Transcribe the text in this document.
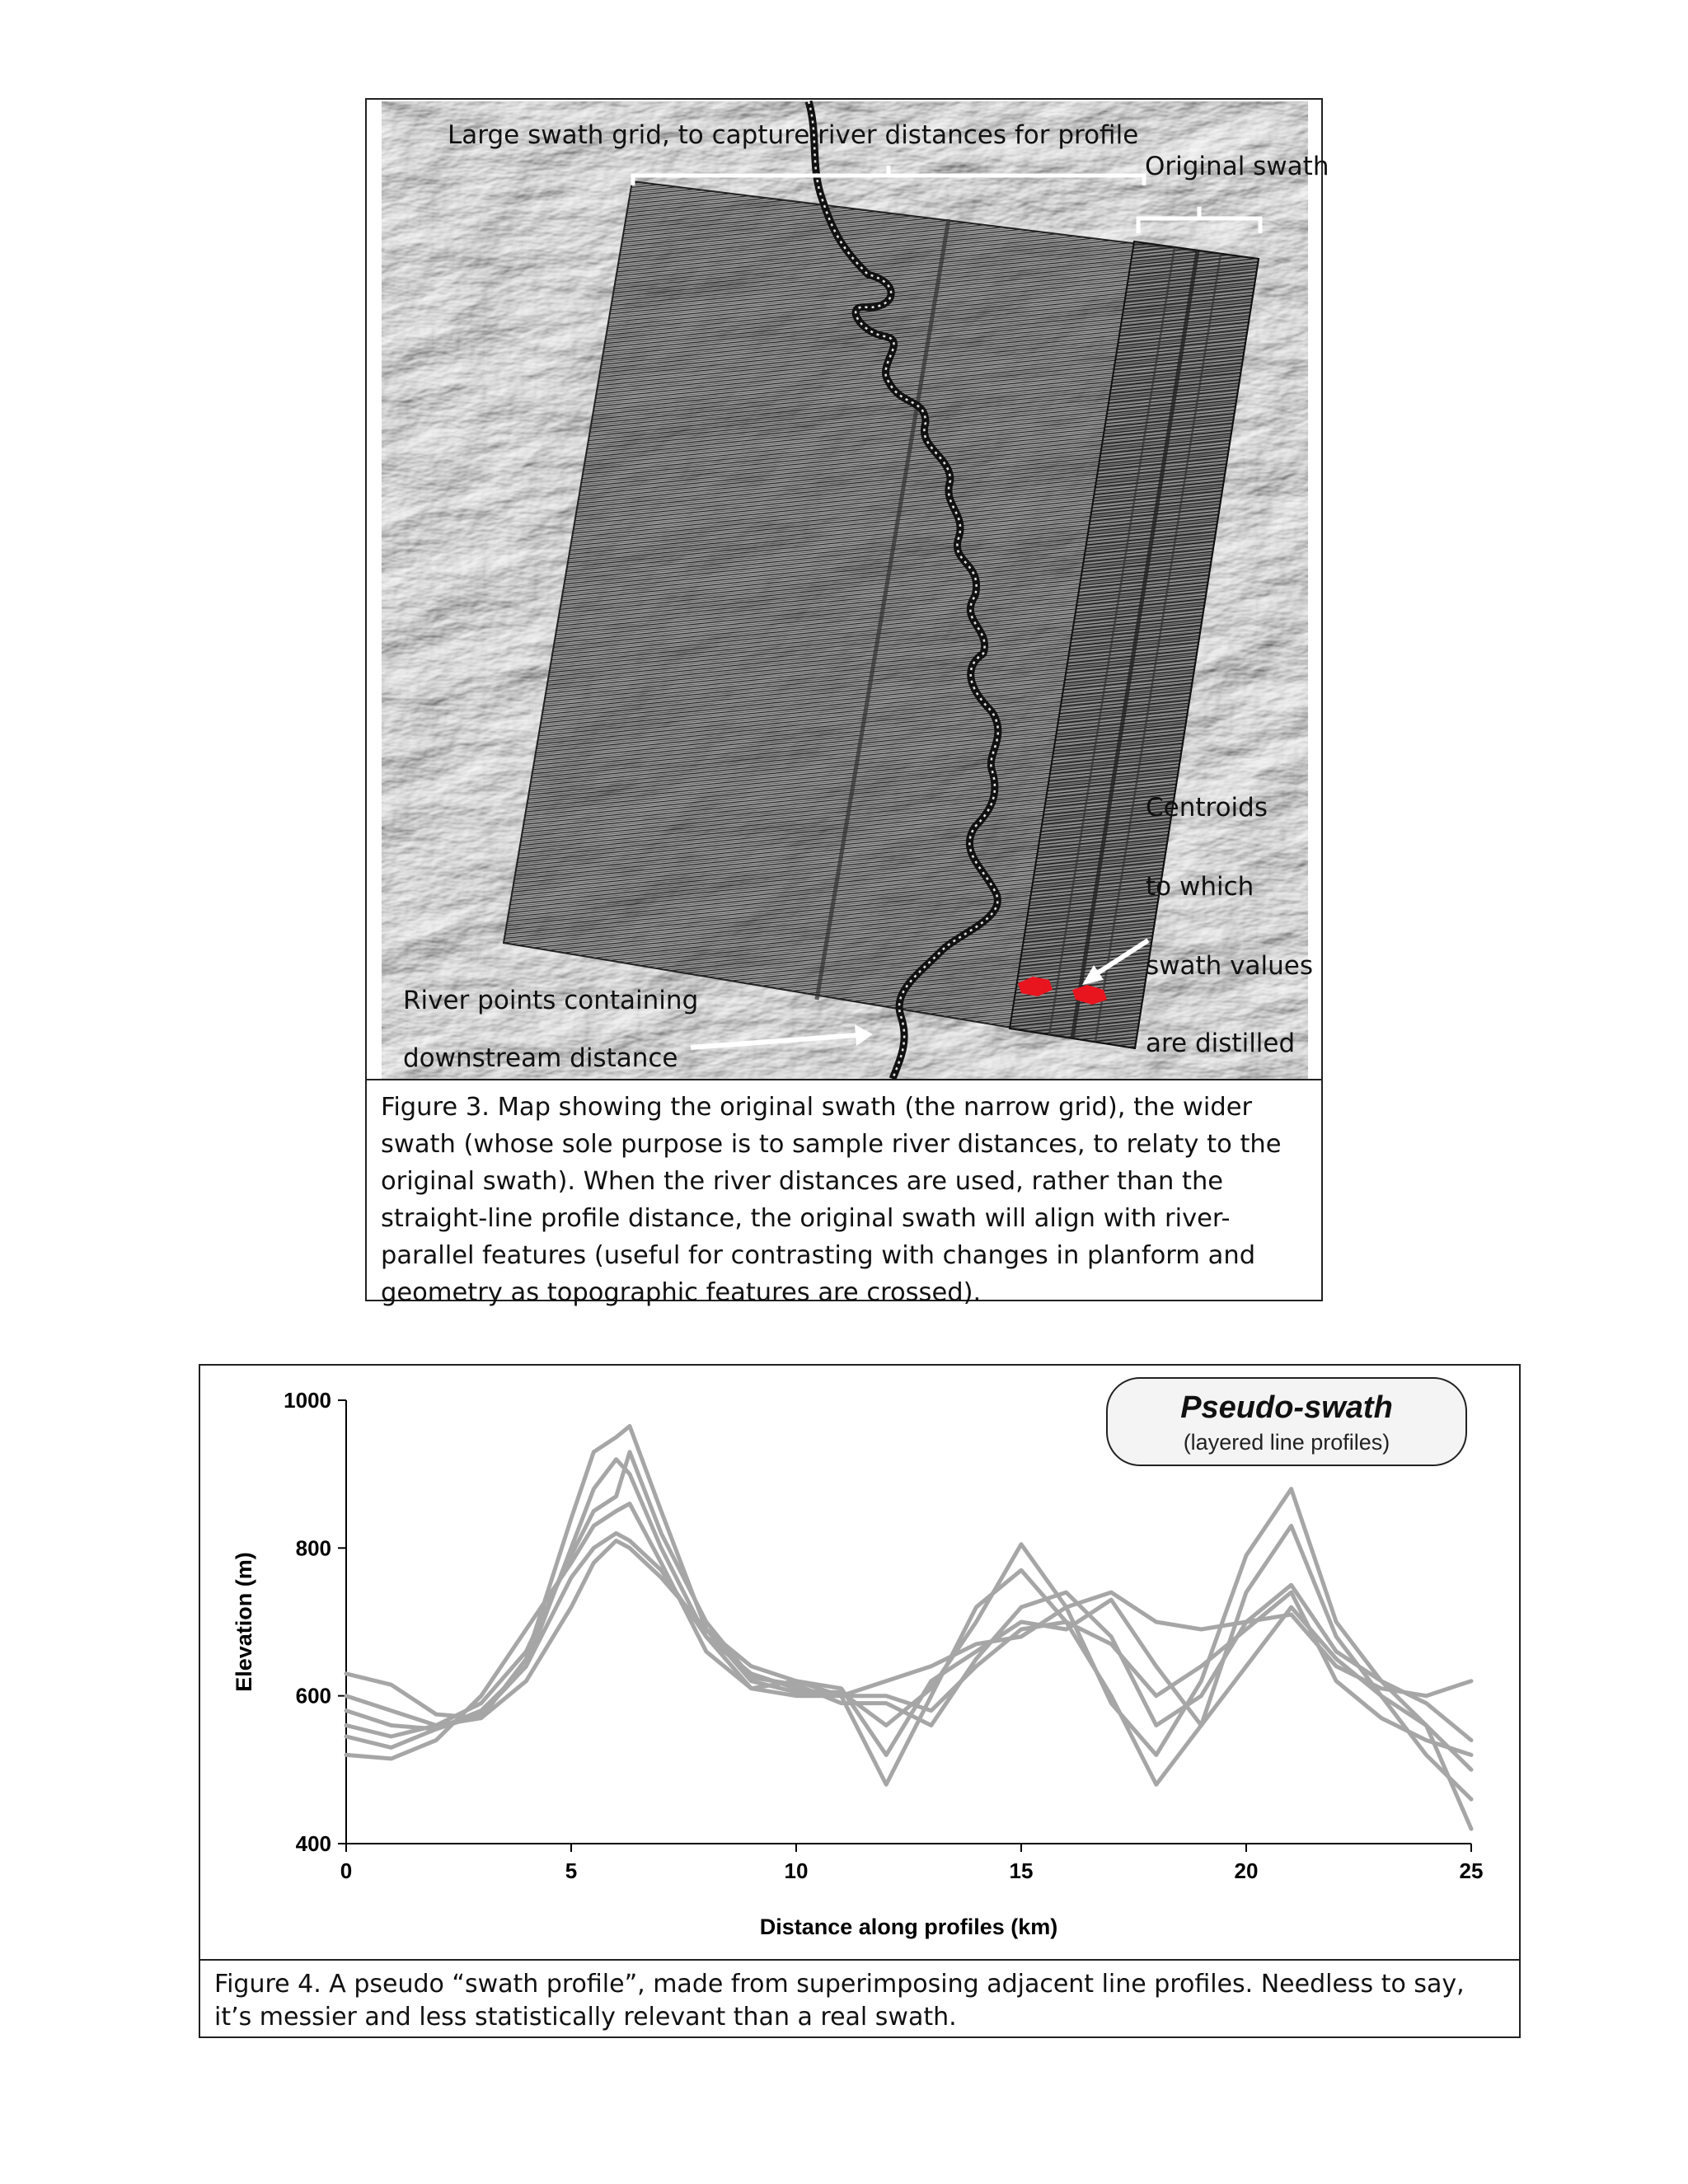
Large swath grid, to capture river distances for profile
Original swath
Centroids
to which
swath values
are distilled
River points containing
downstream distance
Figure 3. Map showing the original swath (the narrow grid), the wider swath (whose sole purpose is to sample river distances, to relaty to the original swath). When the river distances are used, rather than the straight-line profile distance, the original swath will align with river-parallel features (useful for contrasting with changes in planform and geometry as topographic features are crossed).
400
600
800
1000
0	5	10	15	20	25
Distance along profiles (km)
Elevation (m)
Pseudo-swath
(layered line profiles)
Figure 4. A pseudo “swath profile”, made from superimposing adjacent line profiles. Needless to say, it’s messier and less statistically relevant than a real swath.
